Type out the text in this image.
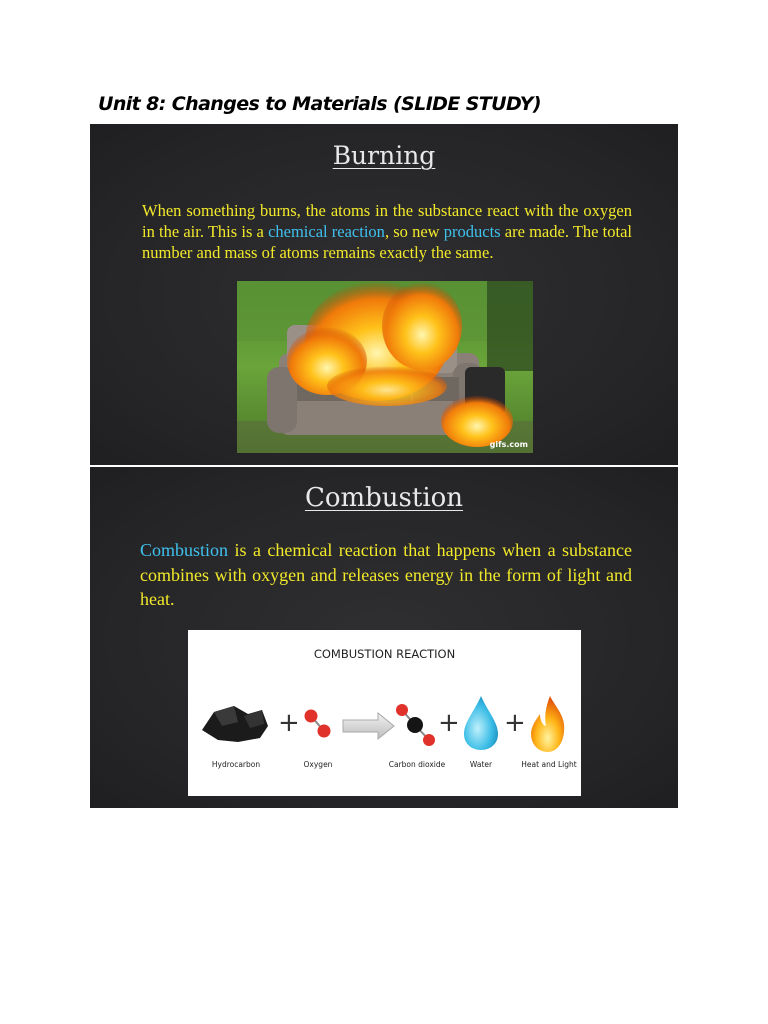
Unit 8: Changes to Materials (SLIDE STUDY)
Burning

When something burns, the atoms in the substance react with the oxygen in the air. This is a chemical reaction, so new products are made. The total number and mass of atoms remains exactly the same.

gifs.com
Combustion

Combustion is a chemical reaction that happens when a substance combines with oxygen and releases energy in the form of light and heat.

COMBUSTION REACTION
+	+ +
Hydrocarbon	Oxygen	Carbon dioxide	Water	Heat and Light
